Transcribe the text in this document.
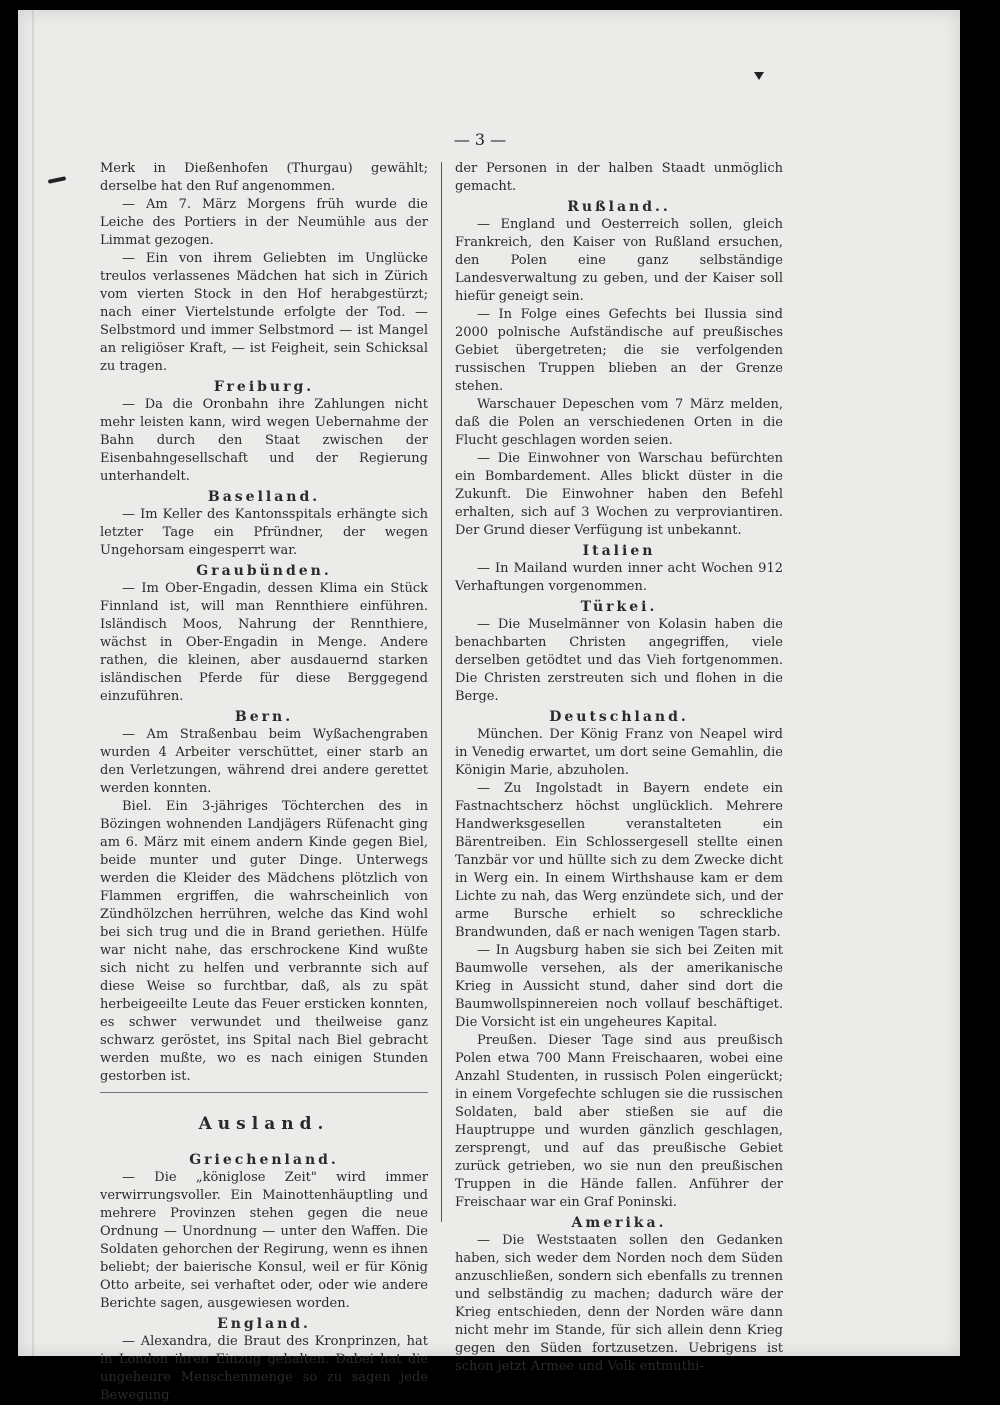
— 3 —

Merk in Dießenhofen (Thurgau) gewählt; derselbe hat den Ruf angenommen.

— Am 7. März Morgens früh wurde die Leiche des Portiers in der Neumühle aus der Limmat gezogen.

— Ein von ihrem Geliebten im Unglücke treulos verlassenes Mädchen hat sich in Zürich vom vierten Stock in den Hof herabgestürzt; nach einer Viertelstunde erfolgte der Tod. — Selbstmord und immer Selbstmord — ist Mangel an religiöser Kraft, — ist Feigheit, sein Schicksal zu tragen.

Freiburg.

— Da die Oronbahn ihre Zahlungen nicht mehr leisten kann, wird wegen Uebernahme der Bahn durch den Staat zwischen der Eisenbahngesellschaft und der Regierung unterhandelt.

Baselland.

— Im Keller des Kantonsspitals erhängte sich letzter Tage ein Pfründner, der wegen Ungehorsam eingesperrt war.

Graubünden.

— Im Ober-Engadin, dessen Klima ein Stück Finnland ist, will man Rennthiere einführen. Isländisch Moos, Nahrung der Rennthiere, wächst in Ober-Engadin in Menge. Andere rathen, die kleinen, aber ausdauernd starken isländischen Pferde für diese Berggegend einzuführen.

Bern.

— Am Straßenbau beim Wyßachengraben wurden 4 Arbeiter verschüttet, einer starb an den Verletzungen, während drei andere gerettet werden konnten.

Biel. Ein 3-jähriges Töchterchen des in Bözingen wohnenden Landjägers Rüfenacht ging am 6. März mit einem andern Kinde gegen Biel, beide munter und guter Dinge. Unterwegs werden die Kleider des Mädchens plötzlich von Flammen ergriffen, die wahrscheinlich von Zündhölzchen herrühren, welche das Kind wohl bei sich trug und die in Brand geriethen. Hülfe war nicht nahe, das erschrockene Kind wußte sich nicht zu helfen und verbrannte sich auf diese Weise so furchtbar, daß, als zu spät herbeigeeilte Leute das Feuer ersticken konnten, es schwer verwundet und theilweise ganz schwarz geröstet, ins Spital nach Biel gebracht werden mußte, wo es nach einigen Stunden gestorben ist.

Ausland.
Griechenland.

— Die „königlose Zeit" wird immer verwirrungsvoller. Ein Mainottenhäuptling und mehrere Provinzen stehen gegen die neue Ordnung — Unordnung — unter den Waffen. Die Soldaten gehorchen der Regirung, wenn es ihnen beliebt; der baierische Konsul, weil er für König Otto arbeite, sei verhaftet oder, oder wie andere Berichte sagen, ausgewiesen worden.

England.

— Alexandra, die Braut des Kronprinzen, hat in London ihren Einzug gehalten. Dabei hat die ungeheure Menschenmenge so zu sagen jede Bewegung

der Personen in der halben Staadt unmöglich gemacht.

Rußland..

— England und Oesterreich sollen, gleich Frankreich, den Kaiser von Rußland ersuchen, den Polen eine ganz selbständige Landesverwaltung zu geben, und der Kaiser soll hiefür geneigt sein.

— In Folge eines Gefechts bei Ilussia sind 2000 polnische Aufständische auf preußisches Gebiet übergetreten; die sie verfolgenden russischen Truppen blieben an der Grenze stehen.

Warschauer Depeschen vom 7 März melden, daß die Polen an verschiedenen Orten in die Flucht geschlagen worden seien.

— Die Einwohner von Warschau befürchten ein Bombardement. Alles blickt düster in die Zukunft. Die Einwohner haben den Befehl erhalten, sich auf 3 Wochen zu verproviantiren. Der Grund dieser Verfügung ist unbekannt.

Italien

— In Mailand wurden inner acht Wochen 912 Verhaftungen vorgenommen.

Türkei.

— Die Muselmänner von Kolasin haben die benachbarten Christen angegriffen, viele derselben getödtet und das Vieh fortgenommen. Die Christen zerstreuten sich und flohen in die Berge.

Deutschland.

München. Der König Franz von Neapel wird in Venedig erwartet, um dort seine Gemahlin, die Königin Marie, abzuholen.

— Zu Ingolstadt in Bayern endete ein Fastnachtscherz höchst unglücklich. Mehrere Handwerksgesellen veranstalteten ein Bärentreiben. Ein Schlossergesell stellte einen Tanzbär vor und hüllte sich zu dem Zwecke dicht in Werg ein. In einem Wirthshause kam er dem Lichte zu nah, das Werg enzündete sich, und der arme Bursche erhielt so schreckliche Brandwunden, daß er nach wenigen Tagen starb.

— In Augsburg haben sie sich bei Zeiten mit Baumwolle versehen, als der amerikanische Krieg in Aussicht stund, daher sind dort die Baumwollspinnereien noch vollauf beschäftiget. Die Vorsicht ist ein ungeheures Kapital.

Preußen. Dieser Tage sind aus preußisch Polen etwa 700 Mann Freischaaren, wobei eine Anzahl Studenten, in russisch Polen eingerückt; in einem Vorgefechte schlugen sie die russischen Soldaten, bald aber stießen sie auf die Hauptruppe und wurden gänzlich geschlagen, zersprengt, und auf das preußische Gebiet zurück getrieben, wo sie nun den preußischen Truppen in die Hände fallen. Anführer der Freischaar war ein Graf Poninski.

Amerika.

— Die Weststaaten sollen den Gedanken haben, sich weder dem Norden noch dem Süden anzuschließen, sondern sich ebenfalls zu trennen und selbständig zu machen; dadurch wäre der Krieg entschieden, denn der Norden wäre dann nicht mehr im Stande, für sich allein denn Krieg gegen den Süden fortzusetzen. Uebrigens ist schon jetzt Armee und Volk entmuthi-
